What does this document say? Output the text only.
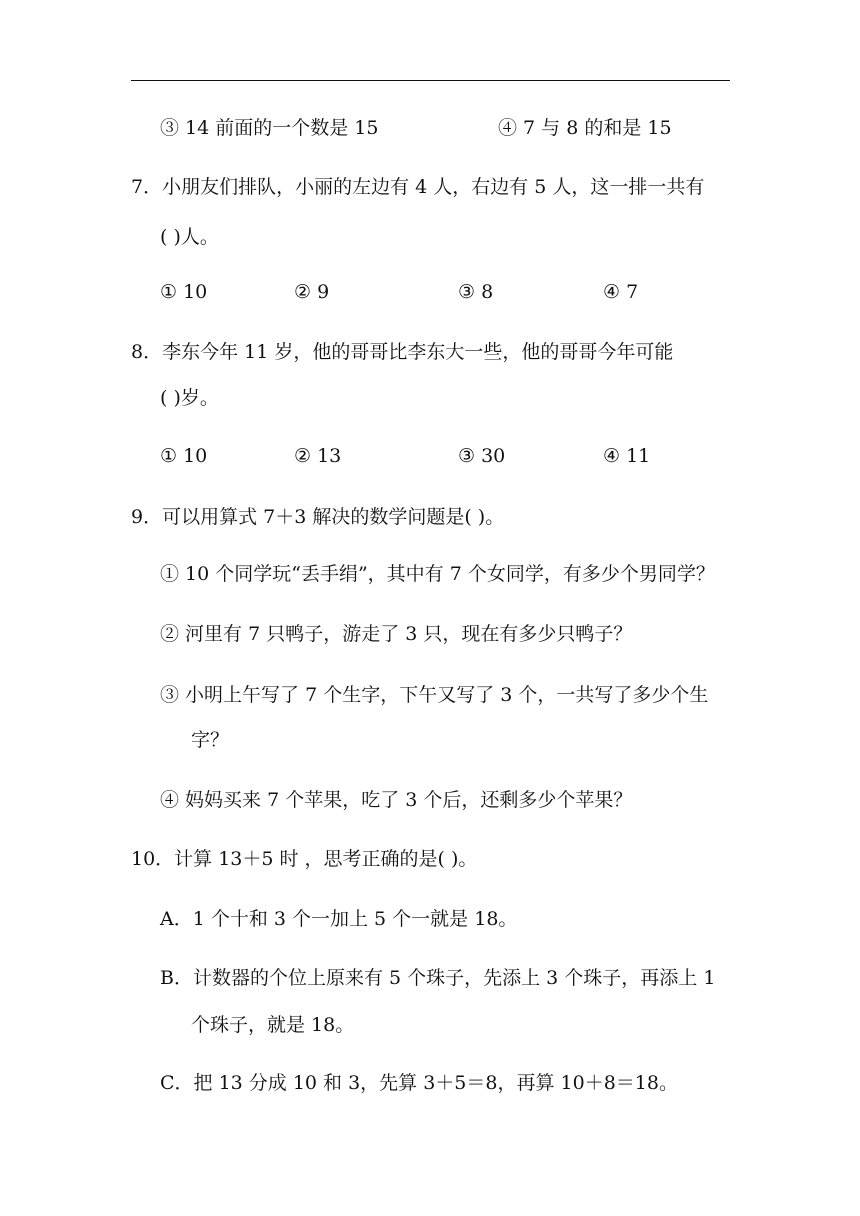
③ 14 前面的一个数是 15	④ 7 与 8 的和是 15
7．小朋友们排队，小丽的左边有 4 人，右边有 5 人，这一排一共有
( )人。
① 10	② 9	③ 8	④ 7
8．李东今年 11 岁，他的哥哥比李东大一些，他的哥哥今年可能
( )岁。
① 10	② 13	③ 30	④ 11
9．可以用算式 7＋3 解决的数学问题是( )。
① 10 个同学玩“丢手绢”，其中有 7 个女同学，有多少个男同学？
② 河里有 7 只鸭子，游走了 3 只，现在有多少只鸭子？
③ 小明上午写了 7 个生字，下午又写了 3 个，一共写了多少个生
字？
④ 妈妈买来 7 个苹果，吃了 3 个后，还剩多少个苹果？
10．计算 13＋5 时 ，思考正确的是( )。
A．1 个十和 3 个一加上 5 个一就是 18。
B．计数器的个位上原来有 5 个珠子，先添上 3 个珠子，再添上 1
个珠子，就是 18。
C．把 13 分成 10 和 3，先算 3＋5＝8，再算 10＋8＝18。
